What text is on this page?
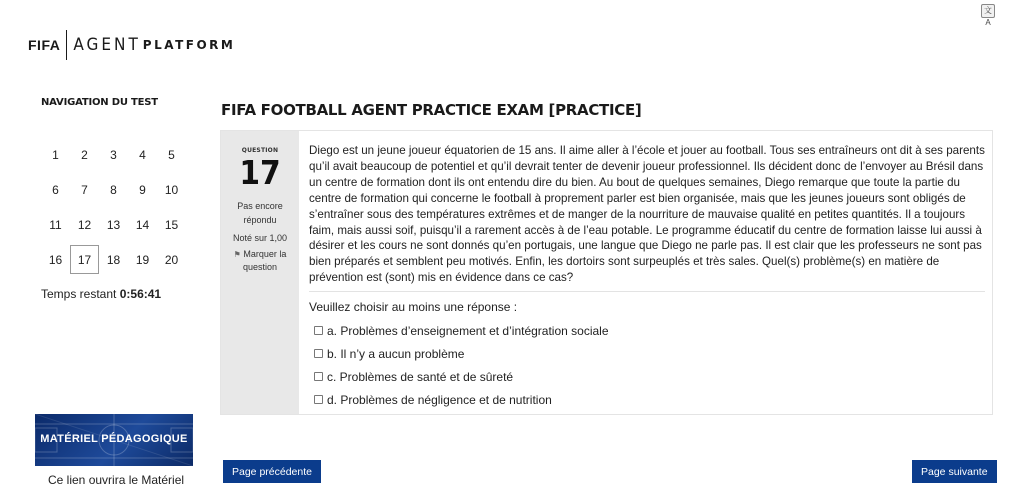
文A
FIFA AGENT PLATFORM
NAVIGATION DU TEST
1	2	3	4	5
6	7	8	9	10
11	12	13	14	15
16	17	18	19	20
Temps restant 0:56:41
MATÉRIEL PÉDAGOGIQUE
Ce lien ouvrira le Matériel
FIFA FOOTBALL AGENT PRACTICE EXAM [PRACTICE]
QUESTION
17
Pas encore répondu
Noté sur 1,00
⚑ Marquer la question

Diego est un jeune joueur équatorien de 15 ans. Il aime aller à l’école et jouer au football. Tous ses entraîneurs ont dit à ses parents qu’il avait beaucoup de potentiel et qu’il devrait tenter de devenir joueur professionnel. Ils décident donc de l’envoyer au Brésil dans un centre de formation dont ils ont entendu dire du bien. Au bout de quelques semaines, Diego remarque que toute la partie du centre de formation qui concerne le football à proprement parler est bien organisée, mais que les jeunes joueurs sont obligés de s’entraîner sous des températures extrêmes et de manger de la nourriture de mauvaise qualité en petites quantités. Il a toujours faim, mais aussi soif, puisqu’il a rarement accès à de l’eau potable. Le programme éducatif du centre de formation laisse lui aussi à désirer et les cours ne sont donnés qu’en portugais, une langue que Diego ne parle pas. Il est clair que les professeurs ne sont pas bien préparés et semblent peu motivés. Enfin, les dortoirs sont surpeuplés et très sales. Quel(s) problème(s) en matière de prévention est (sont) mis en évidence dans ce cas?

Veuillez choisir au moins une réponse :
a. Problèmes d’enseignement et d’intégration sociale
b. Il n’y a aucun problème
c. Problèmes de santé et de sûreté
d. Problèmes de négligence et de nutrition
Page précédente	Page suivante
